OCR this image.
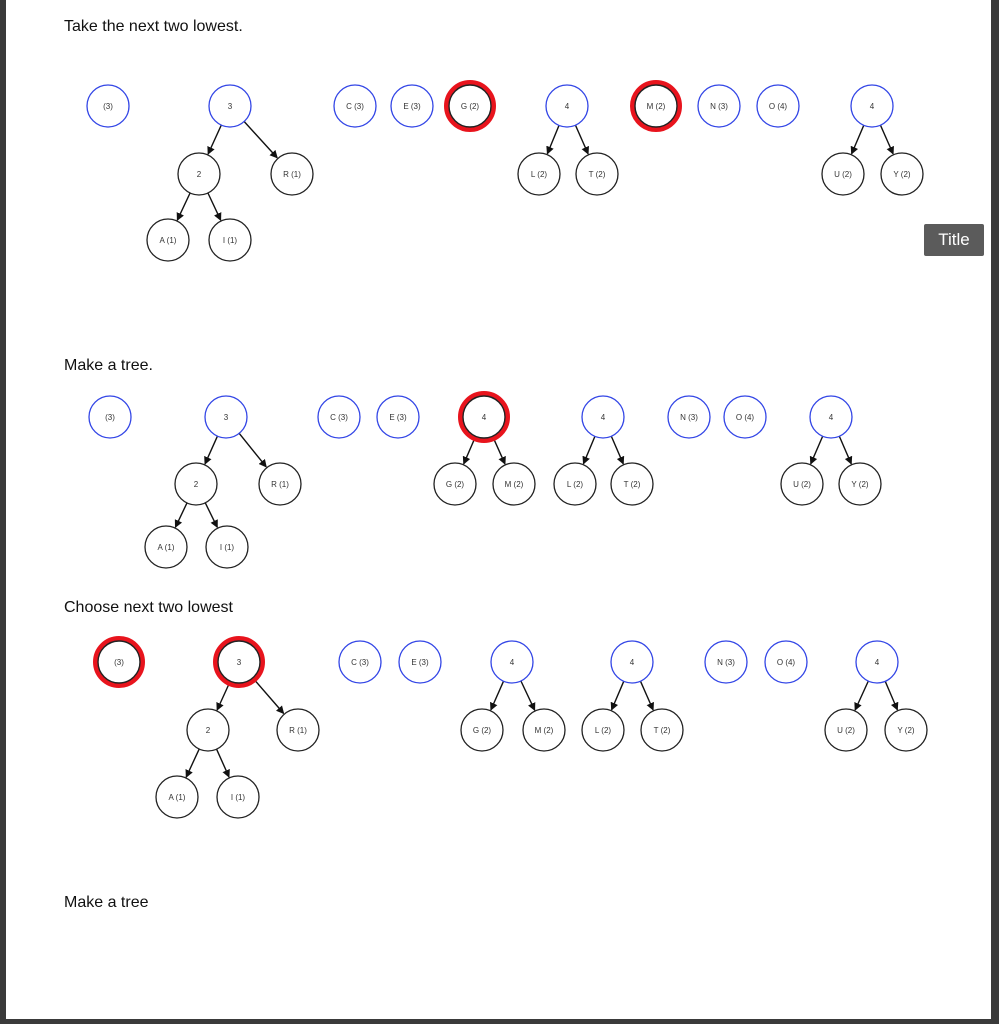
Take the next two lowest.

Make a tree.

Choose next two lowest

Make a tree

(3)	3
2	R (1)
A (1)	I (1)
C (3)	E (3)	G (2)	4
L (2)	T (2)
M (2)	N (3)	O (4)	4
U (2)	Y (2)
(3)	3
2	R (1)
A (1)	I (1)
C (3)	E (3)	4
G (2)	M (2)
4
L (2)	T (2)
N (3)	O (4)	4
U (2)	Y (2)
(3)	3
2	R (1)
A (1)	I (1)
C (3)	E (3)	4
G (2)	M (2)
4
L (2)	T (2)
N (3)	O (4)	4
U (2)	Y (2)
Title
